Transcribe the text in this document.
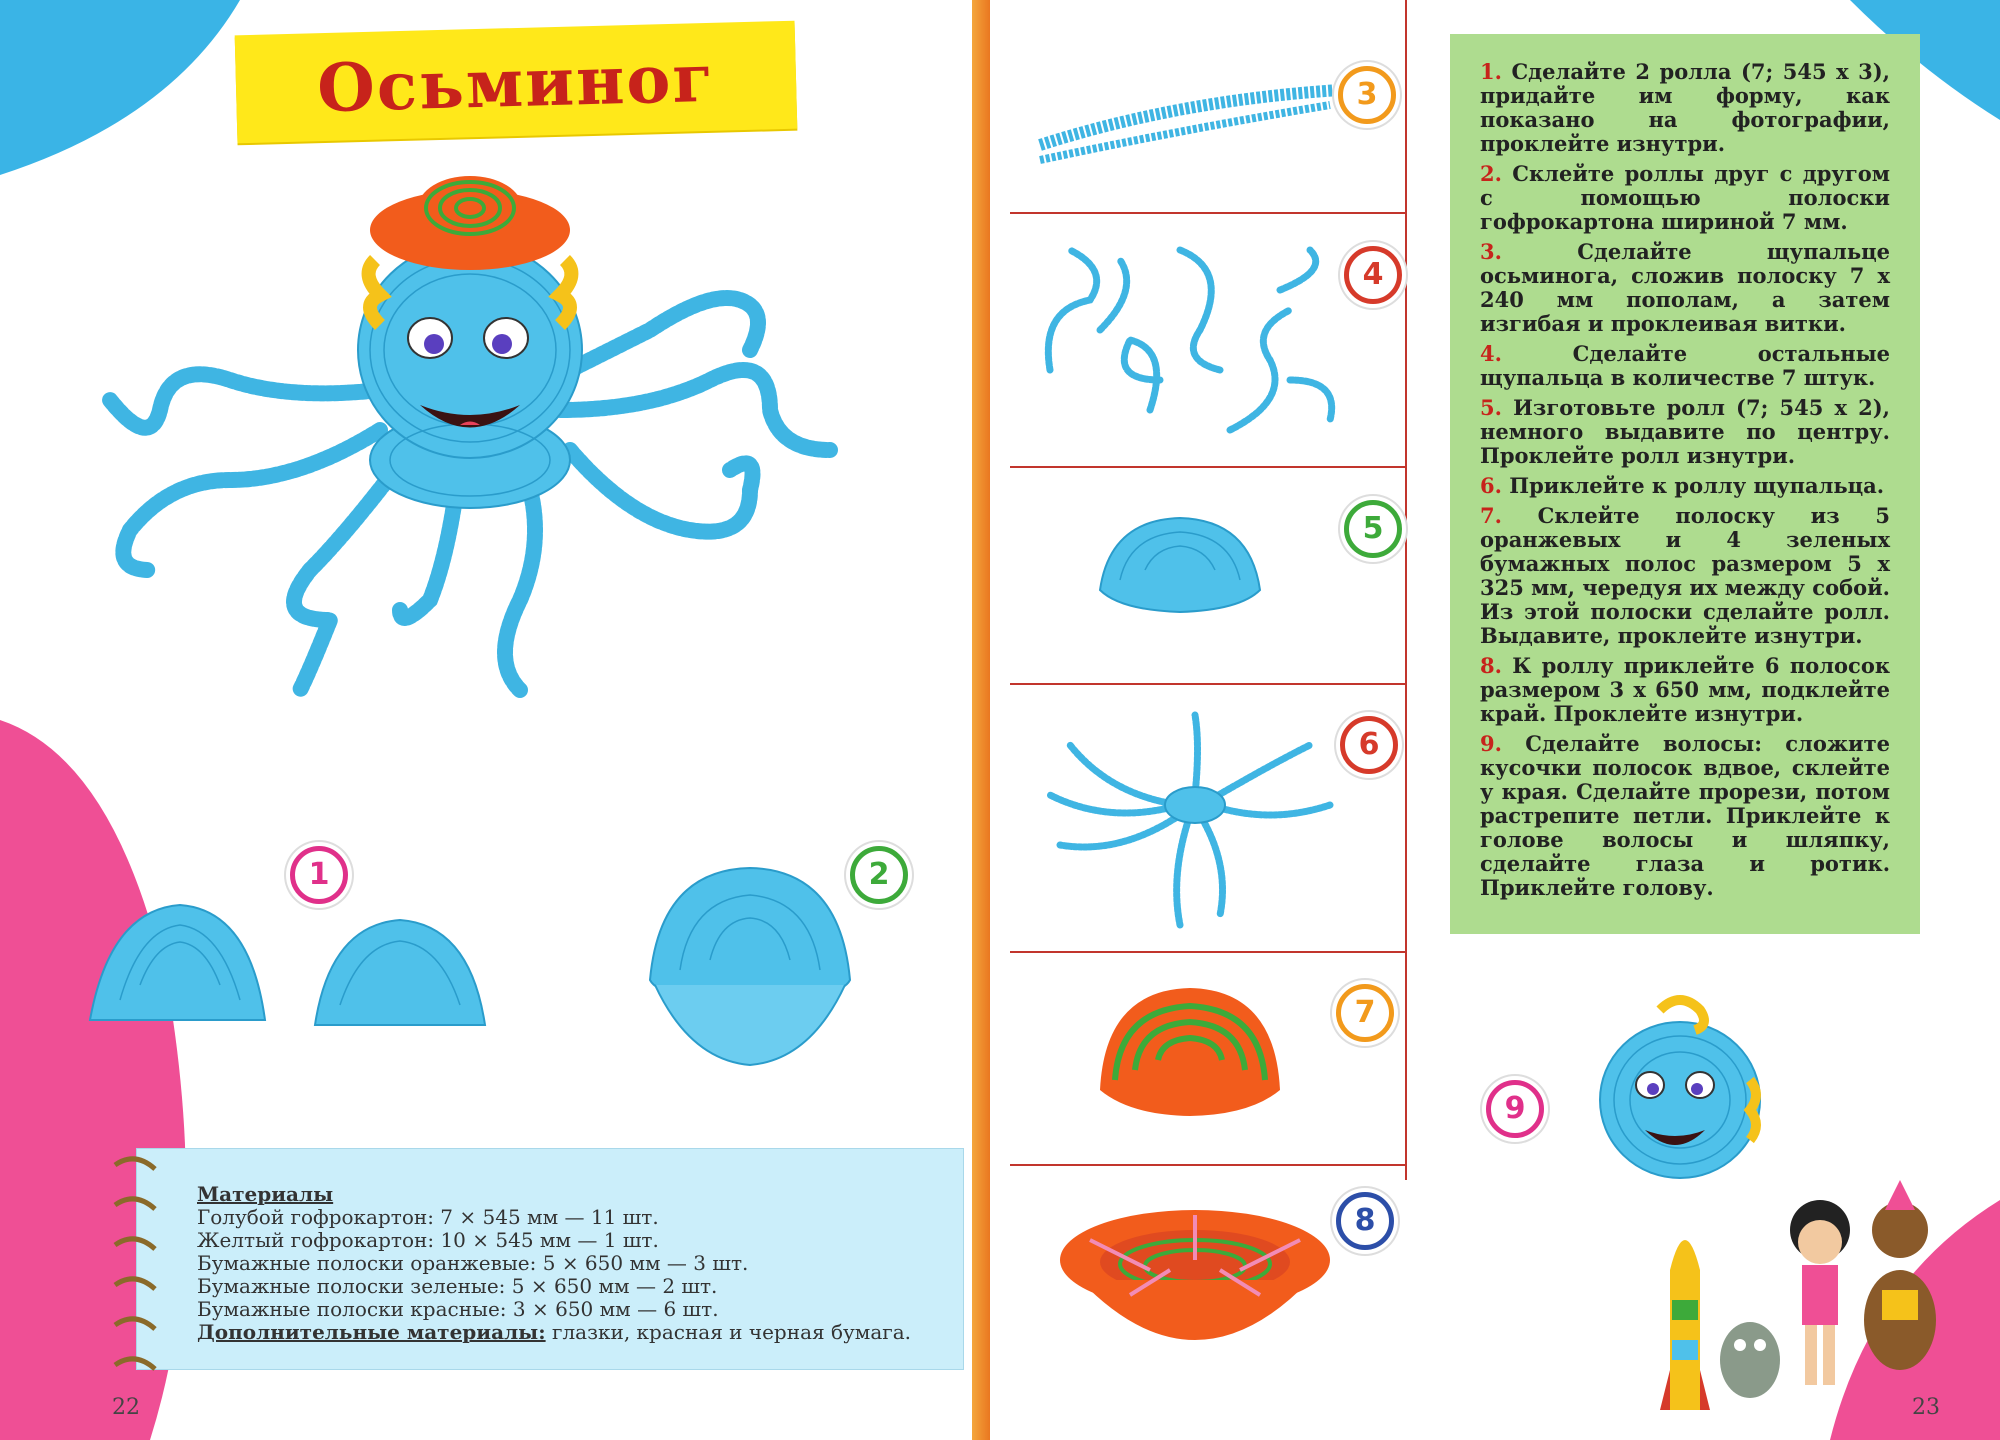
Осьминог
1	2
Материалы
Голубой гофрокартон: 7 × 545 мм — 11 шт.
Желтый гофрокартон: 10 × 545 мм — 1 шт.
Бумажные полоски оранжевые: 5 × 650 мм — 3 шт.
Бумажные полоски зеленые: 5 × 650 мм — 2 шт.
Бумажные полоски красные: 3 × 650 мм — 6 шт.
Дополнительные материалы: глазки, красная и черная бумага.
22
3
4
5
6
7
8
9

1. Сделайте 2 ролла (7; 545 х 3), придайте им форму, как показано на фотографии, проклейте изнутри.

2. Склейте роллы друг с другом с помощью полоски гофрокартона шириной 7 мм.

3. Сделайте щупальце осьминога, сложив полоску 7 х 240 мм пополам, а затем изгибая и проклеивая витки.

4. Сделайте остальные щупальца в количестве 7 штук.

5. Изготовьте ролл (7; 545 х 2), немного выдавите по центру. Проклейте ролл изнутри.

6. Приклейте к роллу щупальца.

7. Склейте полоску из 5 оранжевых и 4 зеленых бумажных полос размером 5 х 325 мм, чередуя их между собой. Из этой полоски сделайте ролл. Выдавите, проклейте изнутри.

8. К роллу приклейте 6 полосок размером 3 х 650 мм, подклейте край. Проклейте изнутри.

9. Сделайте волосы: сложите кусочки полосок вдвое, склейте у края. Сделайте прорези, потом растрепите петли. Приклейте к голове волосы и шляпку, сделайте глаза и ротик. Приклейте голову.

23
